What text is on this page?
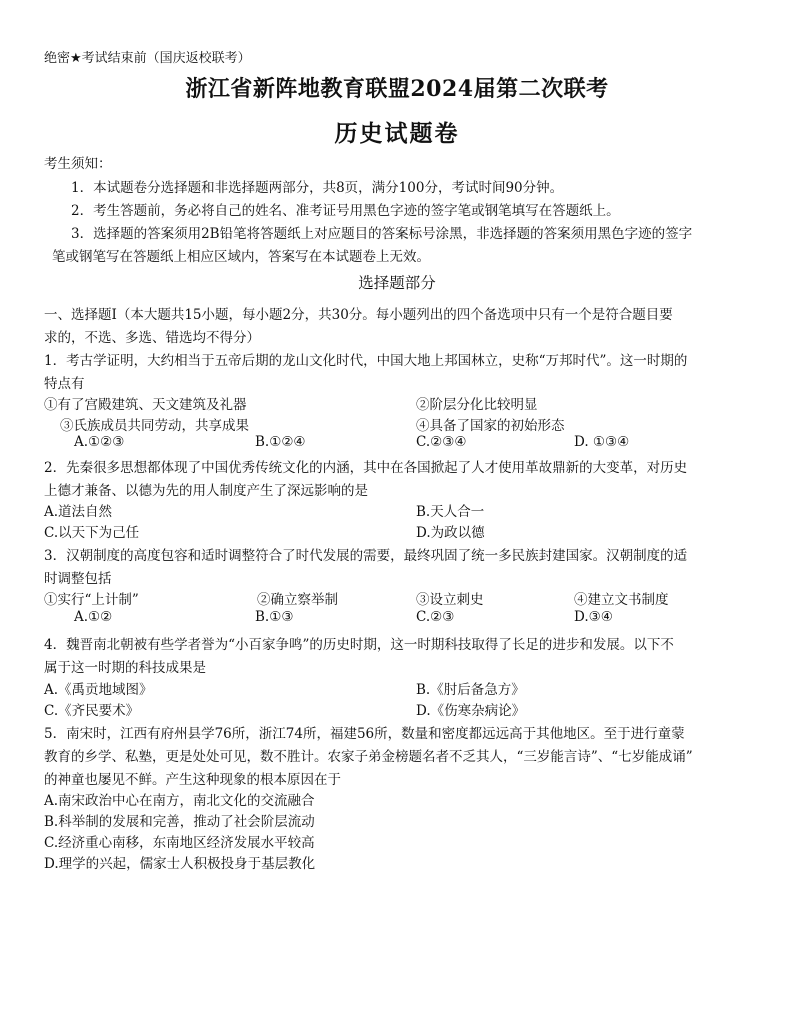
绝密★考试结束前（国庆返校联考）
浙江省新阵地教育联盟2024届第二次联考
历史试题卷
考生须知：
1．本试题卷分选择题和非选择题两部分，共8页，满分100分，考试时间90分钟。
2．考生答题前，务必将自己的姓名、准考证号用黑色字迹的签字笔或钢笔填写在答题纸上。
3．选择题的答案须用2B铅笔将答题纸上对应题目的答案标号涂黑，非选择题的答案须用黑色字迹的签字
笔或钢笔写在答题纸上相应区域内，答案写在本试题卷上无效。
选择题部分
一、选择题Ⅰ（本大题共15小题，每小题2分，共30分。每小题列出的四个备选项中只有一个是符合题目要
求的，不选、多选、错选均不得分）
1．考古学证明，大约相当于五帝后期的龙山文化时代，中国大地上邦国林立，史称“万邦时代”。这一时期的
特点有
①有了宫殿建筑、天文建筑及礼器	②阶层分化比较明显
③氏族成员共同劳动，共享成果	④具备了国家的初始形态
A.①②③	B.①②④	C.②③④	D. ①③④
2．先秦很多思想都体现了中国优秀传统文化的内涵，其中在各国掀起了人才使用革故鼎新的大变革，对历史
上德才兼备、以德为先的用人制度产生了深远影响的是
A.道法自然	B.天人合一
C.以天下为己任	D.为政以德
3．汉朝制度的高度包容和适时调整符合了时代发展的需要，最终巩固了统一多民族封建国家。汉朝制度的适
时调整包括
①实行“上计制”	②确立察举制	③设立刺史	④建立文书制度
A.①②	B.①③	C.②③	D.③④
4．魏晋南北朝被有些学者誉为“小百家争鸣”的历史时期，这一时期科技取得了长足的进步和发展。以下不
属于这一时期的科技成果是
A.《禹贡地域图》	B.《肘后备急方》
C.《齐民要术》	D.《伤寒杂病论》
5．南宋时，江西有府州县学76所，浙江74所，福建56所，数量和密度都远远高于其他地区。至于进行童蒙
教育的乡学、私塾，更是处处可见，数不胜计。农家子弟金榜题名者不乏其人，“三岁能言诗”、“七岁能成诵”
的神童也屡见不鲜。产生这种现象的根本原因在于
A.南宋政治中心在南方，南北文化的交流融合
B.科举制的发展和完善，推动了社会阶层流动
C.经济重心南移，东南地区经济发展水平较高
D.理学的兴起，儒家士人积极投身于基层教化
